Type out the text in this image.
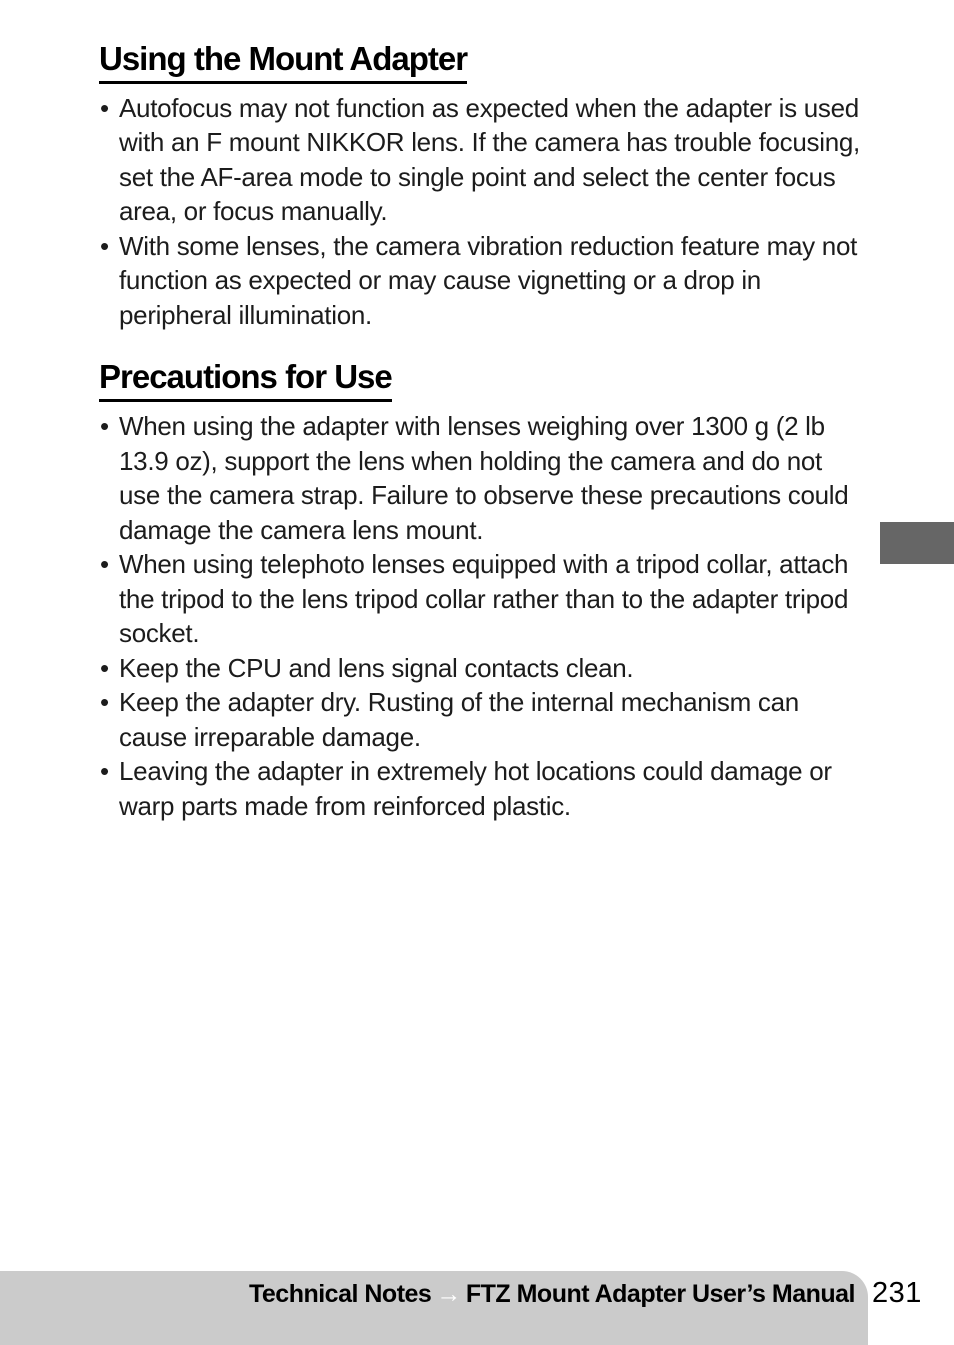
Using the Mount Adapter
• Autofocus may not function as expected when the adapter is used with an F mount NIKKOR lens. If the camera has trouble focusing, set the AF-area mode to single point and select the center focus area, or focus manually.
• With some lenses, the camera vibration reduction feature may not function as expected or may cause vignetting or a drop in peripheral illumination.
Precautions for Use
• When using the adapter with lenses weighing over 1300 g (2 lb 13.9 oz), support the lens when holding the camera and do not use the camera strap. Failure to observe these precautions could damage the camera lens mount.
• When using telephoto lenses equipped with a tripod collar, attach the tripod to the lens tripod collar rather than to the adapter tripod socket.
• Keep the CPU and lens signal contacts clean.
• Keep the adapter dry. Rusting of the internal mechanism can cause irreparable damage.
• Leaving the adapter in extremely hot locations could damage or warp parts made from reinforced plastic.
Technical Notes → FTZ Mount Adapter User’s Manual 231
